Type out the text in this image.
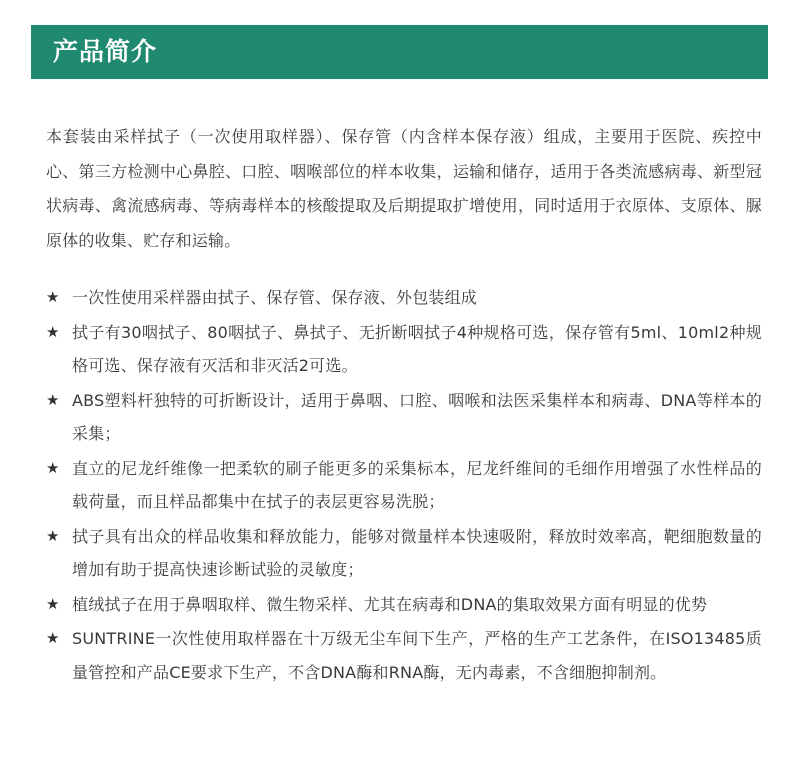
产品简介

本套装由采样拭子（一次使用取样器）、保存管（内含样本保存液）组成，主要用于医院、疾控中心、第三方检测中心鼻腔、口腔、咽喉部位的样本收集，运输和储存，适用于各类流感病毒、新型冠状病毒、禽流感病毒、等病毒样本的核酸提取及后期提取扩增使用，同时适用于衣原体、支原体、脲原体的收集、贮存和运输。

★ 一次性使用采样器由拭子、保存管、保存液、外包装组成
★ 拭子有30咽拭子、80咽拭子、鼻拭子、无折断咽拭子4种规格可选，保存管有5ml、10ml2种规格可选、保存液有灭活和非灭活2可选。
★ ABS塑料杆独特的可折断设计，适用于鼻咽、口腔、咽喉和法医采集样本和病毒、DNA等样本的采集；
★ 直立的尼龙纤维像一把柔软的刷子能更多的采集标本，尼龙纤维间的毛细作用增强了水性样品的载荷量，而且样品都集中在拭子的表层更容易洗脱；
★ 拭子具有出众的样品收集和释放能力，能够对微量样本快速吸附，释放时效率高，靶细胞数量的增加有助于提高快速诊断试验的灵敏度；
★ 植绒拭子在用于鼻咽取样、微生物采样、尤其在病毒和DNA的集取效果方面有明显的优势
★ SUNTRINE一次性使用取样器在十万级无尘车间下生产，严格的生产工艺条件，在ISO13485质量管控和产品CE要求下生产，不含DNA酶和RNA酶，无内毒素，不含细胞抑制剂。
